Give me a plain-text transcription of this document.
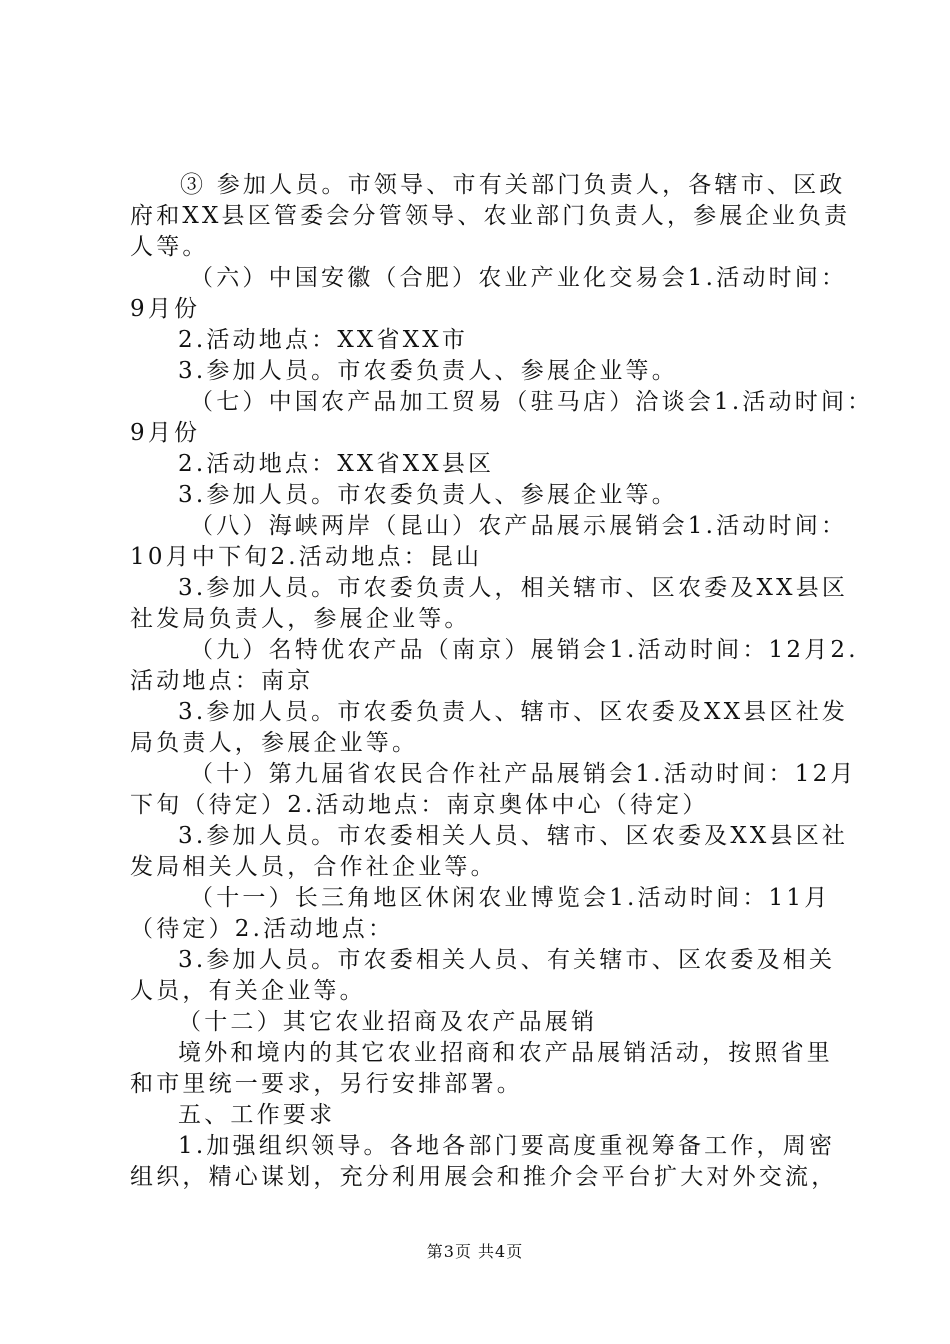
③ 参加人员。市领导、市有关部门负责人，各辖市、区政
府和XX县区管委会分管领导、农业部门负责人，参展企业负责
人等。
（六）中国安徽（合肥）农业产业化交易会1.活动时间：
9月份
2.活动地点：XX省XX市
3.参加人员。市农委负责人、参展企业等。
（七）中国农产品加工贸易（驻马店）洽谈会1.活动时间：
9月份
2.活动地点：XX省XX县区
3.参加人员。市农委负责人、参展企业等。
（八）海峡两岸（昆山）农产品展示展销会1.活动时间：
10月中下旬2.活动地点：昆山
3.参加人员。市农委负责人，相关辖市、区农委及XX县区
社发局负责人，参展企业等。
（九）名特优农产品（南京）展销会1.活动时间：12月2.
活动地点：南京
3.参加人员。市农委负责人、辖市、区农委及XX县区社发
局负责人，参展企业等。
（十）第九届省农民合作社产品展销会1.活动时间：12月
下旬（待定）2.活动地点：南京奥体中心（待定）
3.参加人员。市农委相关人员、辖市、区农委及XX县区社
发局相关人员，合作社企业等。
（十一）长三角地区休闲农业博览会1.活动时间：11月
（待定）2.活动地点：
3.参加人员。市农委相关人员、有关辖市、区农委及相关
人员，有关企业等。
（十二）其它农业招商及农产品展销
境外和境内的其它农业招商和农产品展销活动，按照省里
和市里统一要求，另行安排部署。
五、工作要求
1.加强组织领导。各地各部门要高度重视筹备工作，周密
组织，精心谋划，充分利用展会和推介会平台扩大对外交流，
第3页 共4页
